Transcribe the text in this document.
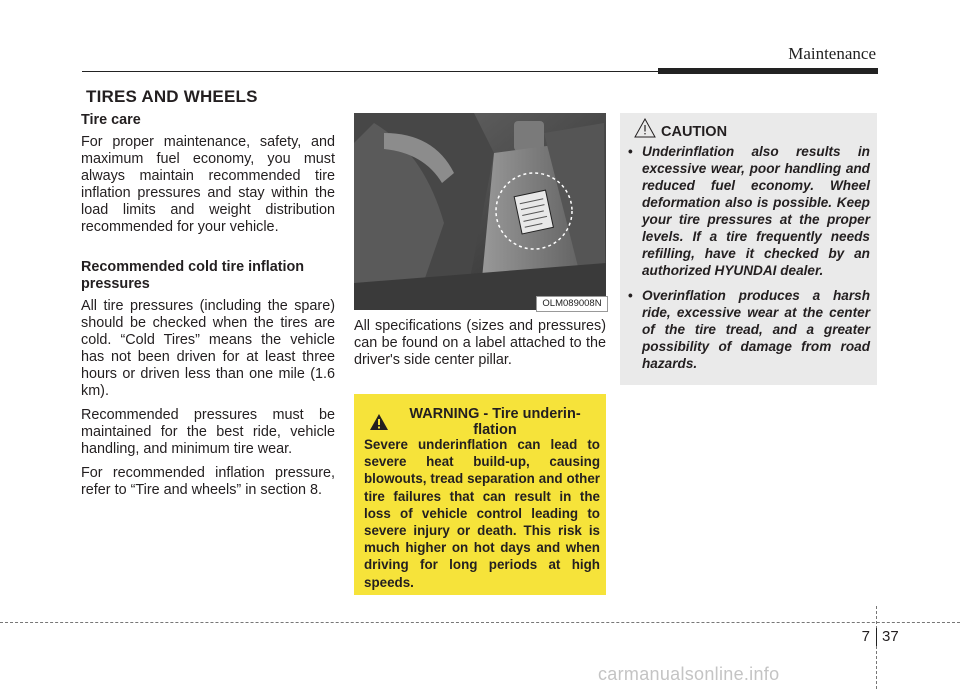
Maintenance
TIRES AND WHEELS
Tire care

For proper maintenance, safety, and maximum fuel economy, you must always maintain recommended tire inflation pressures and stay within the load limits and weight distribution recommended for your vehicle.

Recommended cold tire inflation pressures

All tire pressures (including the spare) should be checked when the tires are cold. “Cold Tires” means the vehicle has not been driven for at least three hours or driven less than one mile (1.6 km).

Recommended pressures must be maintained for the best ride, vehicle handling, and minimum tire wear.

For recommended inflation pressure, refer to “Tire and wheels” in section 8.

OLM089008N
All specifications (sizes and pressures) can be found on a label attached to the driver's side center pillar.
WARNING - Tire underin- flation
Severe underinflation can lead to severe heat build-up, causing blowouts, tread separation and other tire failures that can result in the loss of vehicle control leading to severe injury or death. This risk is much higher on hot days and when driving for long periods at high speeds.
CAUTION
• Underinflation also results in excessive wear, poor handling and reduced fuel economy. Wheel deformation also is possible. Keep your tire pressures at the proper levels. If a tire frequently needs refilling, have it checked by an authorized HYUNDAI dealer.
• Overinflation produces a harsh ride, excessive wear at the center of the tire tread, and a greater possibility of damage from road hazards.
7 37
carmanualsonline.info
